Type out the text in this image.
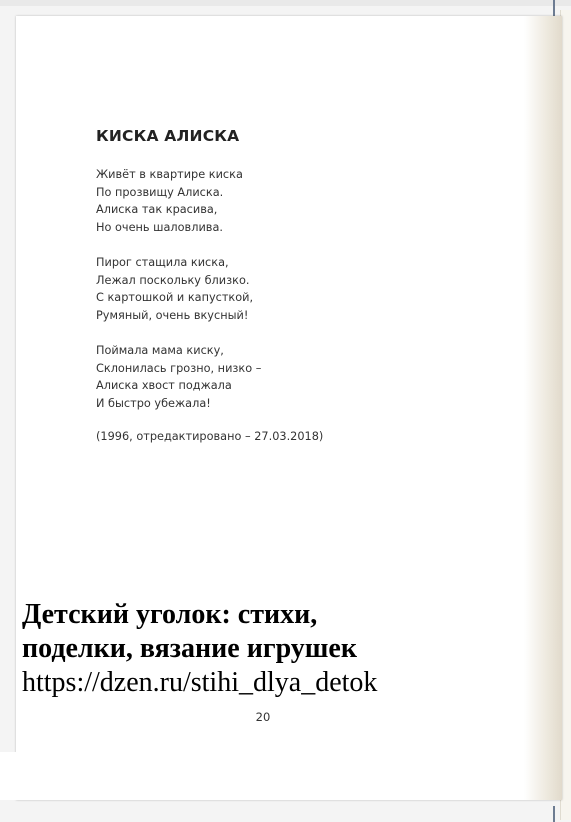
КИСКА АЛИСКА

Живёт в квартире киска
По прозвищу Алиска.
Алиска так красива,
Но очень шаловлива.

Пирог стащила киска,
Лежал поскольку близко.
С картошкой и капусткой,
Румяный, очень вкусный!

Поймала мама киску,
Склонилась грозно, низко –
Алиска хвост поджала
И быстро убежала!

(1996, отредактировано – 27.03.2018)
Детский уголок: стихи,
поделки, вязание игрушек
https://dzen.ru/stihi_dlya_detok
20
